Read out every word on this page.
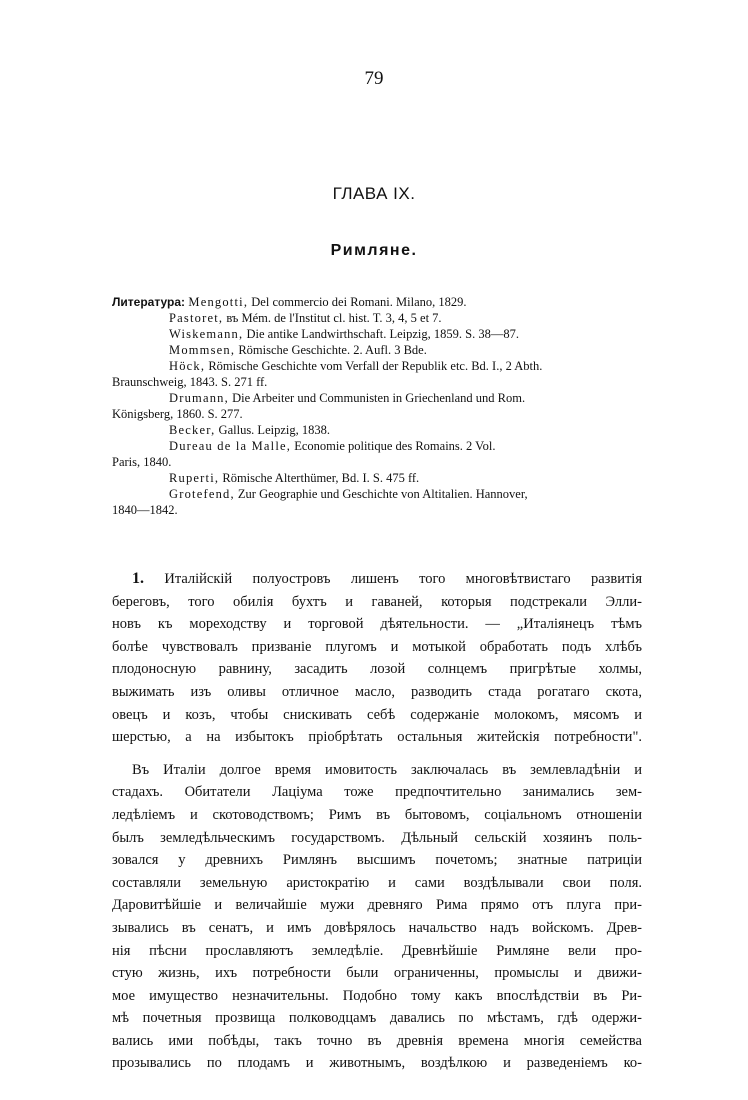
79
ГЛАВА IX.
Римляне.
Литература: Mengotti, Del commercio dei Romani. Milano, 1829.
Pastoret, въ Mém. de l'Institut cl. hist. T. 3, 4, 5 et 7.
Wiskemann, Die antike Landwirthschaft. Leipzig, 1859. S. 38—87.
Mommsen, Römische Geschichte. 2. Aufl. 3 Bde.
Höck, Römische Geschichte vom Verfall der Republik etc. Bd. I., 2 Abth.
Braunschweig, 1843. S. 271 ff.
Drumann, Die Arbeiter und Communisten in Griechenland und Rom.
Königsberg, 1860. S. 277.
Becker, Gallus. Leipzig, 1838.
Dureau de la Malle, Economie politique des Romains. 2 Vol.
Paris, 1840.
Ruperti, Römische Alterthümer, Bd. I. S. 475 ff.
Grotefend, Zur Geographie und Geschichte von Altitalien. Hannover,
1840—1842.
1. Италійскій полуостровъ лишенъ того многовѣтвистаго развитія
береговъ, того обилія бухтъ и гаваней, которыя подстрекали Элли-
новъ къ мореходству и торговой дѣятельности. — „Италіянецъ тѣмъ
болѣе чувствовалъ призваніе плугомъ и мотыкой обработать подъ хлѣбъ
плодоносную равнину, засадить лозой солнцемъ пригрѣтые холмы,
выжимать изъ оливы отличное масло, разводить стада рогатаго скота,
овецъ и козъ, чтобы снискивать себѣ содержаніе молокомъ, мясомъ и
шерстью, а на избытокъ пріобрѣтать остальныя житейскія потребности".
Въ Италіи долгое время имовитость заключалась въ землевладѣніи и
стадахъ. Обитатели Лаціума тоже предпочтительно занимались зем-
ледѣліемъ и скотоводствомъ; Римъ въ бытовомъ, соціальномъ отношеніи
былъ земледѣльческимъ государствомъ. Дѣльный сельскій хозяинъ поль-
зовался у древнихъ Римлянъ высшимъ почетомъ; знатные патриціи
составляли земельную аристократію и сами воздѣлывали свои поля.
Даровитѣйшіе и величайшіе мужи древняго Рима прямо отъ плуга при-
зывались въ сенатъ, и имъ довѣрялось начальство надъ войскомъ. Древ-
нія пѣсни прославляютъ земледѣліе. Древнѣйшіе Римляне вели про-
стую жизнь, ихъ потребности были ограниченны, промыслы и движи-
мое имущество незначительны. Подобно тому какъ впослѣдствіи въ Ри-
мѣ почетныя прозвища полководцамъ давались по мѣстамъ, гдѣ одержи-
вались ими побѣды, такъ точно въ древнія времена многія семейства
прозывались по плодамъ и животнымъ, воздѣлкою и разведеніемъ ко-
